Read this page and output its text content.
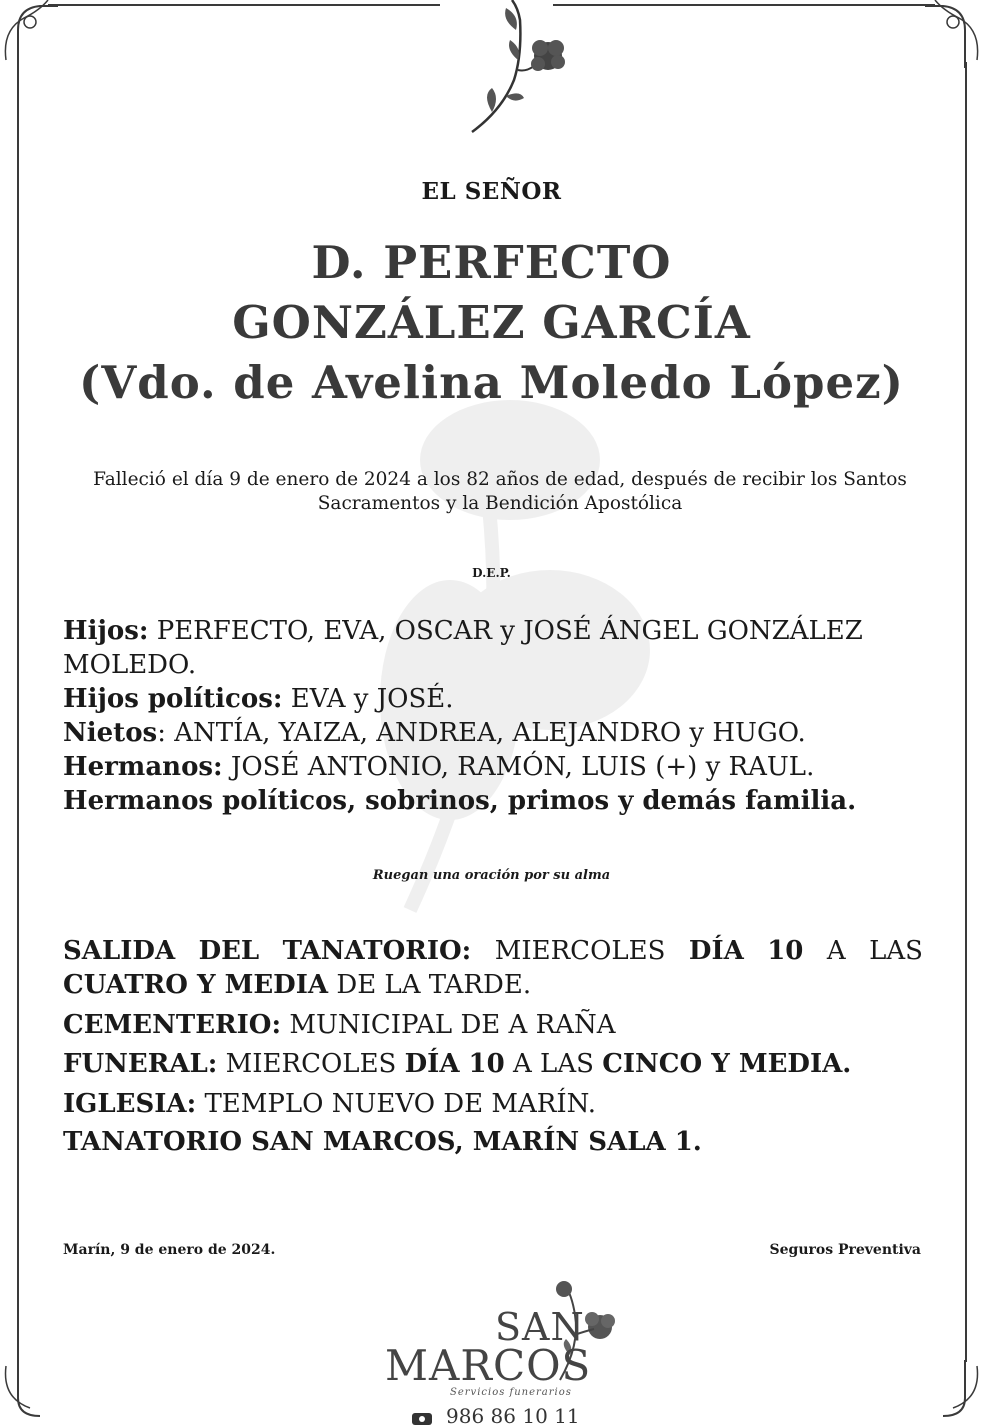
EL SEÑOR
D. PERFECTO
GONZÁLEZ GARCÍA
(Vdo. de Avelina Moledo López)
Falleció el día 9 de enero de 2024 a los 82 años de edad, después de recibir los Santos Sacramentos y la Bendición Apostólica
D.E.P.
Hijos: PERFECTO, EVA, OSCAR y JOSÉ ÁNGEL GONZÁLEZ
MOLEDO.
Hijos políticos: EVA y JOSÉ.
Nietos: ANTÍA, YAIZA, ANDREA, ALEJANDRO y HUGO.
Hermanos: JOSÉ ANTONIO, RAMÓN, LUIS (+) y RAUL.
Hermanos políticos, sobrinos, primos y demás familia.
Ruegan una oración por su alma
SALIDA DEL TANATORIO: MIERCOLES DÍA 10 A LAS
CUATRO Y MEDIA DE LA TARDE.
CEMENTERIO: MUNICIPAL DE A RAÑA
FUNERAL: MIERCOLES DÍA 10 A LAS CINCO Y MEDIA.
IGLESIA: TEMPLO NUEVO DE MARÍN.
TANATORIO SAN MARCOS, MARÍN SALA 1.
Marín, 9 de enero de 2024.	Seguros Preventiva
SAN
MARCOS
Servicios funerarios
986 86 10 11
